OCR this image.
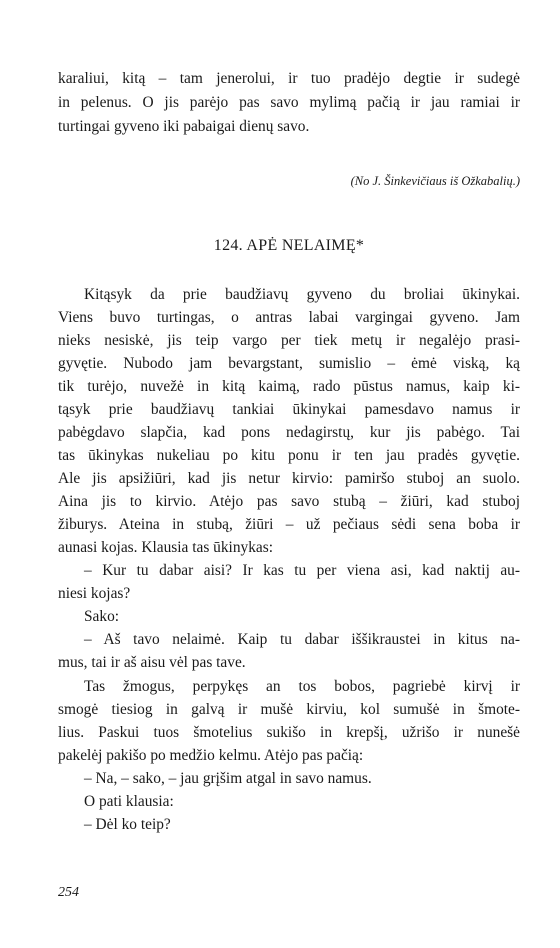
karaliui, kitą – tam jenerolui, ir tuo pradėjo degtie ir sudegė
in pelenus. O jis parėjo pas savo mylimą pačią ir jau ramiai ir
turtingai gyveno iki pabaigai dienų savo.
(No J. Šinkevičiaus iš Ožkabalių.)
124. APĖ NELAIMĘ*
Kitąsyk da prie baudžiavų gyveno du broliai ūkinykai.
Viens buvo turtingas, o antras labai vargingai gyveno. Jam
nieks nesiskė, jis teip vargo per tiek metų ir negalėjo prasi-
gyvętie. Nubodo jam bevargstant, sumislio – ėmė viską, ką
tik turėjo, nuvežė in kitą kaimą, rado pūstus namus, kaip ki-
tąsyk prie baudžiavų tankiai ūkinykai pamesdavo namus ir
pabėgdavo slapčia, kad pons nedagirstų, kur jis pabėgo. Tai
tas ūkinykas nukeliau po kitu ponu ir ten jau pradės gyvętie.
Ale jis apsižiūri, kad jis netur kirvio: pamiršo stuboj an suolo.
Aina jis to kirvio. Atėjo pas savo stubą – žiūri, kad stuboj
žiburys. Ateina in stubą, žiūri – už pečiaus sėdi sena boba ir
aunasi kojas. Klausia tas ūkinykas:
– Kur tu dabar aisi? Ir kas tu per viena asi, kad naktij au-
niesi kojas?
Sako:
– Aš tavo nelaimė. Kaip tu dabar iššikraustei in kitus na-
mus, tai ir aš aisu vėl pas tave.
Tas žmogus, perpykęs an tos bobos, pagriebė kirvį ir
smogė tiesiog in galvą ir mušė kirviu, kol sumušė in šmote-
lius. Paskui tuos šmotelius sukišo in krepšį, užrišo ir nunešė
pakelėj pakišo po medžio kelmu. Atėjo pas pačią:
– Na, – sako, – jau grįšim atgal in savo namus.
O pati klausia:
– Dėl ko teip?
254
